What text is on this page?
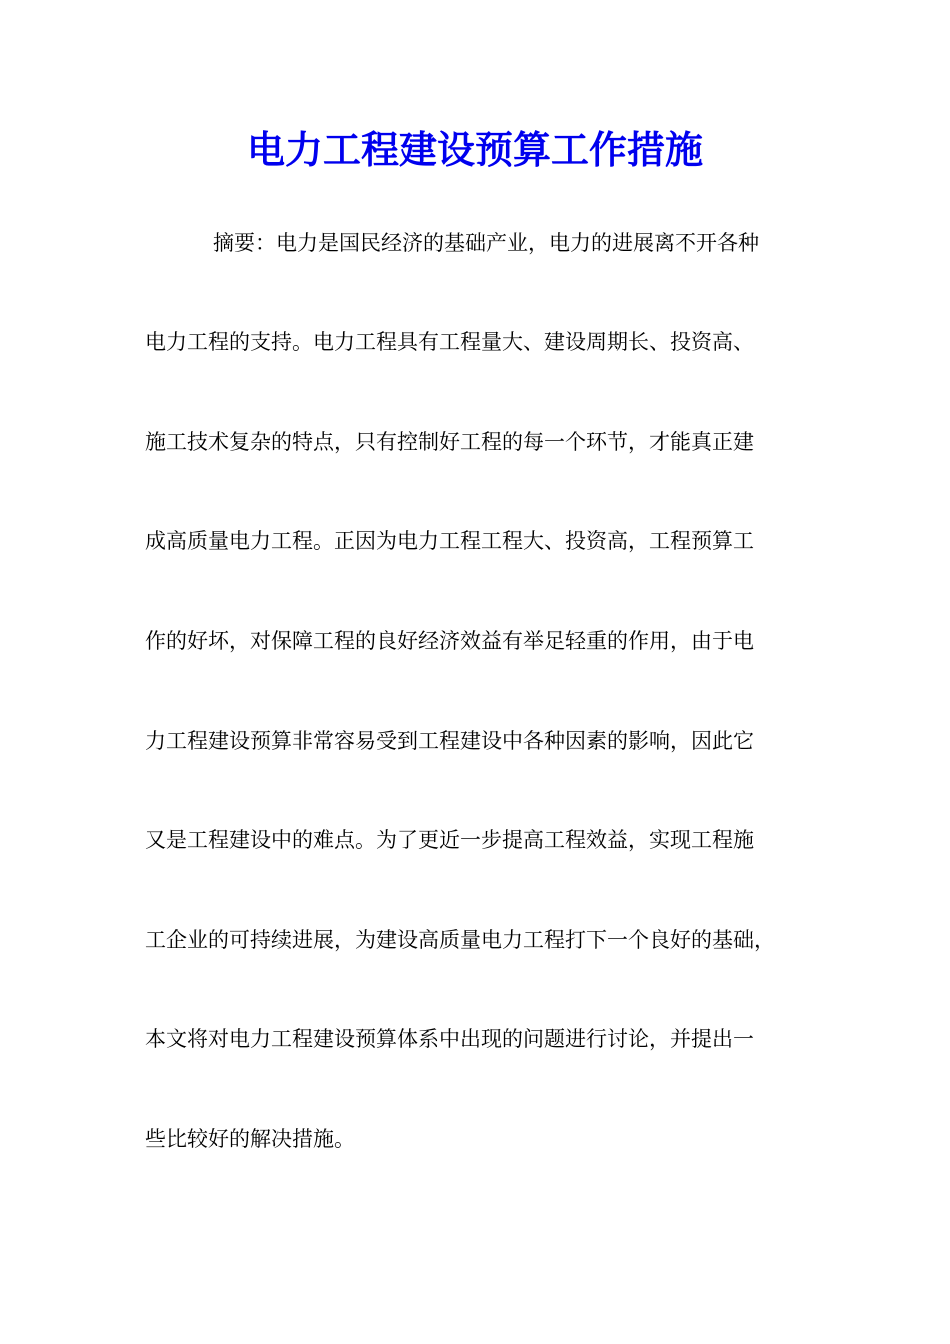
电力工程建设预算工作措施

摘要：电力是国民经济的基础产业，电力的进展离不开各种

电力工程的支持。电力工程具有工程量大、建设周期长、投资高、

施工技术复杂的特点，只有控制好工程的每一个环节，才能真正建

成高质量电力工程。正因为电力工程工程大、投资高，工程预算工

作的好坏，对保障工程的良好经济效益有举足轻重的作用，由于电

力工程建设预算非常容易受到工程建设中各种因素的影响，因此它

又是工程建设中的难点。为了更近一步提高工程效益，实现工程施

工企业的可持续进展，为建设高质量电力工程打下一个良好的基础，

本文将对电力工程建设预算体系中出现的问题进行讨论，并提出一

些比较好的解决措施。
